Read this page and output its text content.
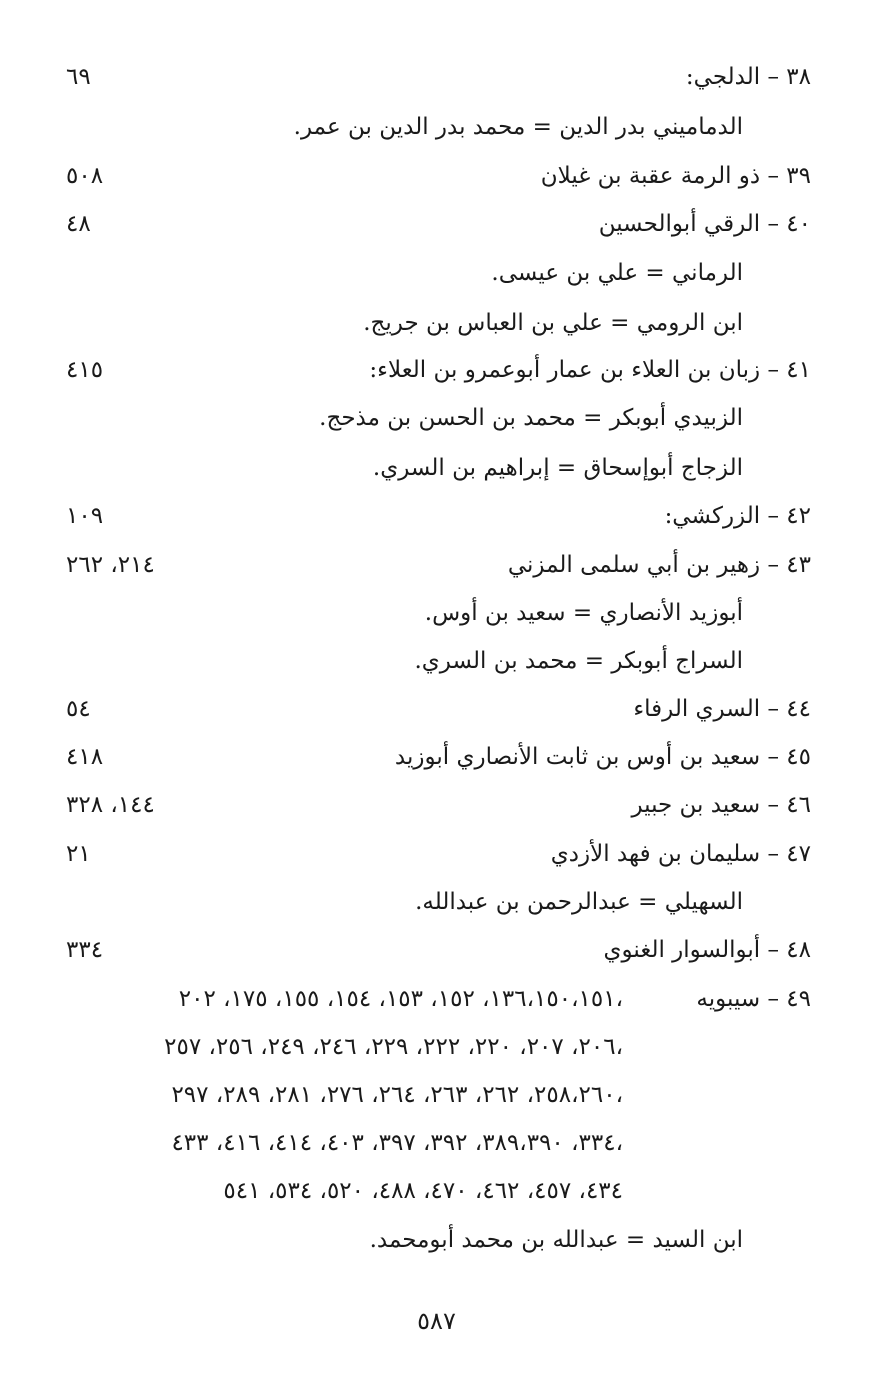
٣٨ – الدلجي:
٦٩
الدماميني بدر الدين = محمد بدر الدين بن عمر.
٣٩ – ذو الرمة عقبة بن غيلان
٥٠٨
٤٠ – الرقي أبوالحسين
٤٨
الرماني = علي بن عيسى.
ابن الرومي = علي بن العباس بن جريج.
٤١ – زبان بن العلاء بن عمار أبوعمرو بن العلاء:
٤١٥
الزبيدي أبوبكر = محمد بن الحسن بن مذحج.
الزجاج أبوإسحاق = إبراهيم بن السري.
٤٢ – الزركشي:
١٠٩
٤٣ – زهير بن أبي سلمى المزني
٢١٤، ٢٦٢
أبوزيد الأنصاري = سعيد بن أوس.
السراج أبوبكر = محمد بن السري.
٤٤ – السري الرفاء
٥٤
٤٥ – سعيد بن أوس بن ثابت الأنصاري أبوزيد
٤١٨
٤٦ – سعيد بن جبير
١٤٤، ٣٢٨
٤٧ – سليمان بن فهد الأزدي
٢١
السهيلي = عبدالرحمن بن عبدالله.
٤٨ – أبوالسوار الغنوي
٣٣٤
٤٩ – سيبويه
١٣٦،١٥٠،١٥١، ١٥٢، ١٥٣، ١٥٤، ١٥٥، ١٧٥، ٢٠٢،
٢٠٦، ٢٠٧، ٢٢٠، ٢٢٢، ٢٢٩، ٢٤٦، ٢٤٩، ٢٥٦، ٢٥٧،
٢٥٨،٢٦٠، ٢٦٢، ٢٦٣، ٢٦٤، ٢٧٦، ٢٨١، ٢٨٩، ٢٩٧،
٣٣٤، ٣٨٩،٣٩٠، ٣٩٢، ٣٩٧، ٤٠٣، ٤١٤، ٤١٦، ٤٣٣،
٤٣٤، ٤٥٧، ٤٦٢، ٤٧٠، ٤٨٨، ٥٢٠، ٥٣٤، ٥٤١
ابن السيد = عبدالله بن محمد أبومحمد.
٥٨٧
